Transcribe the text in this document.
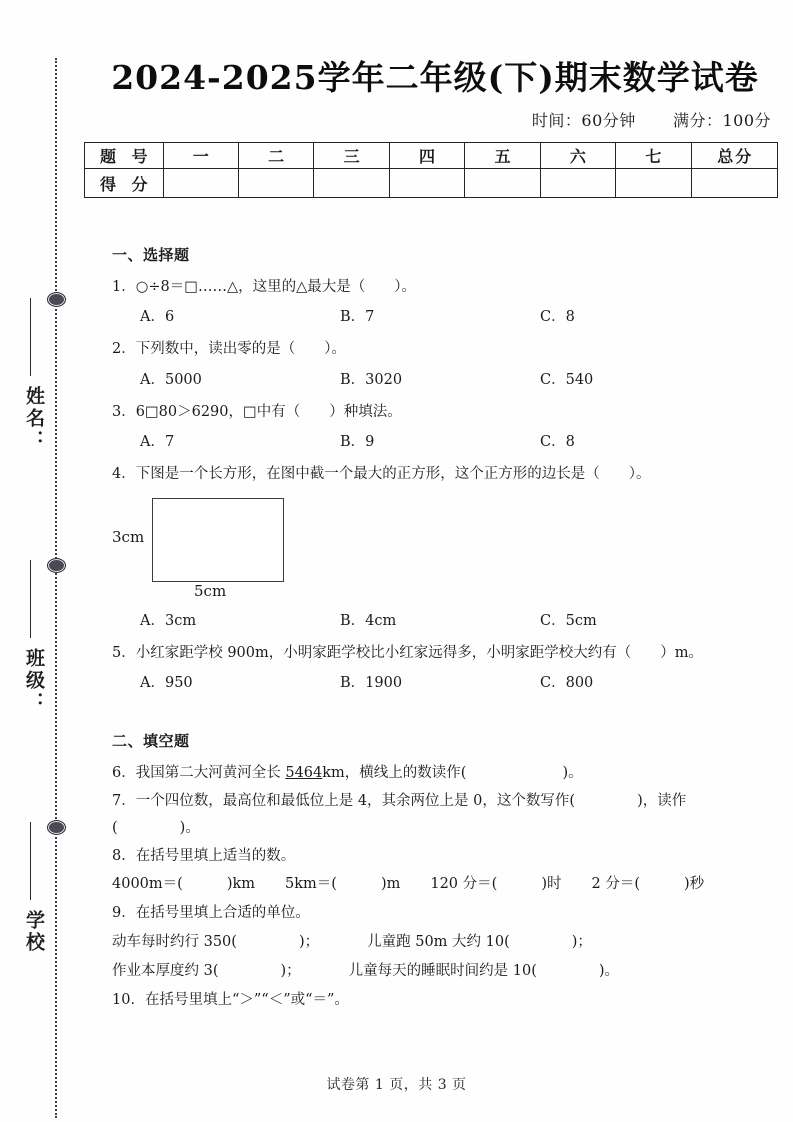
姓名：
班级：
学校
2024-2025学年二年级(下)期末数学试卷
时间：60分钟 满分：100分
题 号	一	二	三	四	五	六	七	总分
得 分								
一、选择题
1．○÷8＝□……△，这里的△最大是（　　）。
A．6	B．7	C．8
2．下列数中，读出零的是（　　）。
A．5000	B．3020	C．540
3．6□80＞6290，□中有（　　）种填法。
A．7	B．9	C．8
4．下图是一个长方形，在图中截一个最大的正方形，这个正方形的边长是（　　）。
3cm
5cm
A．3cm	B．4cm	C．5cm
5．小红家距学校 900m，小明家距学校比小红家远得多，小明家距学校大约有（　　）m。
A．950	B．1900	C．800
二、填空题
6．我国第二大河黄河全长 5464km，横线上的数读作(	)。
7．一个四位数，最高位和最低位上是 4，其余两位上是 0，这个数写作(	)，读作
(	)。
8．在括号里填上适当的数。
4000m＝(	)km 5km＝(	)m 120 分＝(	)时 2 分＝(	)秒
9．在括号里填上合适的单位。
动车每时约行 350(	)；	儿童跑 50m 大约 10(	)；
作业本厚度约 3(	)；	儿童每天的睡眠时间约是 10(	)。
10．在括号里填上“＞”“＜”或“＝”。
试卷第 1 页，共 3 页
